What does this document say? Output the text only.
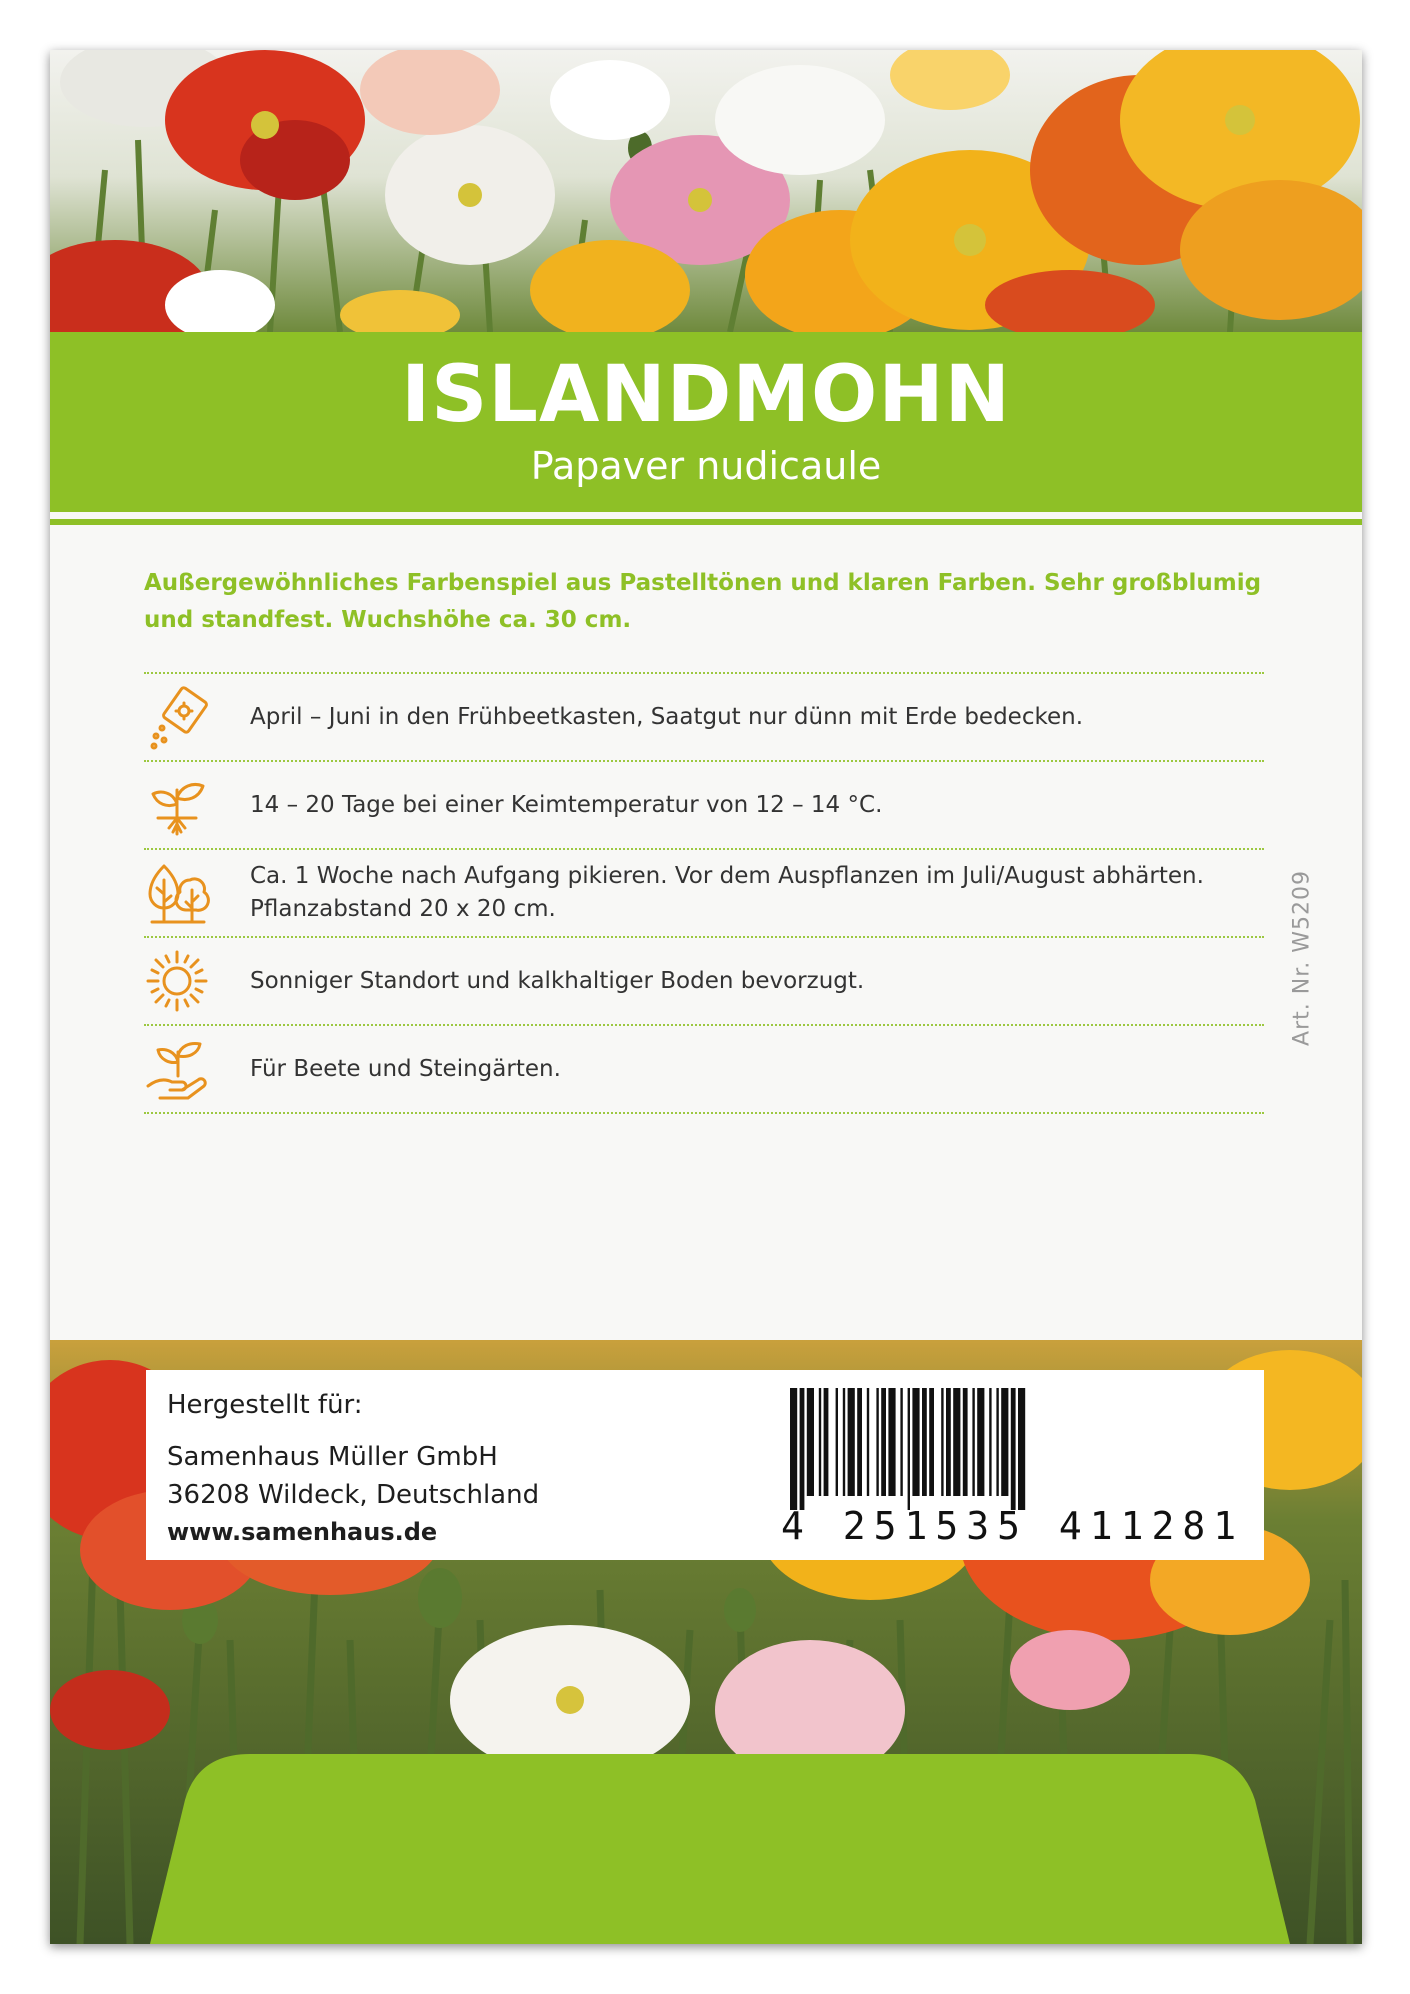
ISLANDMOHN
Papaver nudicaule
Außergewöhnliches Farbenspiel aus Pastelltönen und klaren Farben. Sehr großblumig und standfest. Wuchshöhe ca. 30 cm.
April – Juni in den Frühbeetkasten, Saatgut nur dünn mit Erde bedecken.
14 – 20 Tage bei einer Keimtemperatur von 12 – 14 °C.
Ca. 1 Woche nach Aufgang pikieren. Vor dem Auspflanzen im Juli/August abhärten. Pflanzabstand 20 x 20 cm.
Sonniger Standort und kalkhaltiger Boden bevorzugt.
Für Beete und Steingärten.
Art. Nr. W5209
Hergestellt für:
Samenhaus Müller GmbH
36208 Wildeck, Deutschland
www.samenhaus.de	4 251535 411281
